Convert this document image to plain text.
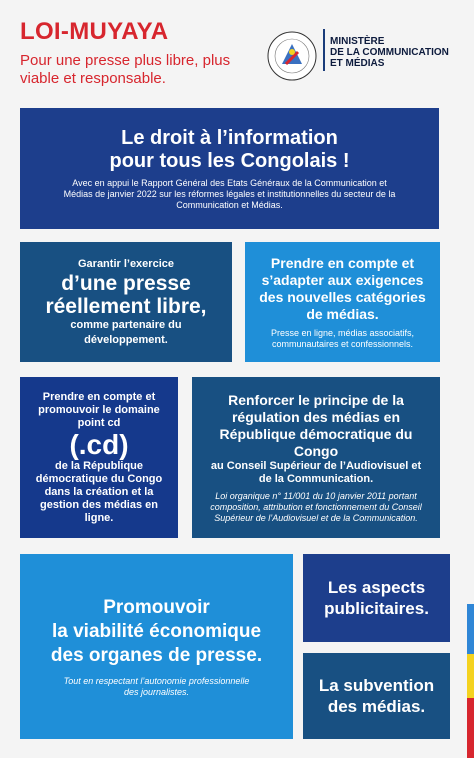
LOI-MUYAYA
Pour une presse plus libre, plus viable et responsable.
MINISTÈRE
DE LA COMMUNICATION
ET MÉDIAS
Le droit à l’information
pour tous les Congolais !
Avec en appui le Rapport Général des Etats Généraux de la Communication et Médias de janvier 2022 sur les réformes légales et institutionnelles du secteur de la Communication et Médias.
Garantir l’exercice
d’une presse
réellement libre,
comme partenaire du développement.
Prendre en compte et s’adapter aux exigences des nouvelles catégories de médias.
Presse en ligne, médias associatifs, communautaires et confessionnels.
Prendre en compte et promouvoir le domaine point cd
(.cd)
de la République démocratique du Congo dans la création et la gestion des médias en ligne.
Renforcer le principe de la régulation des médias en République démocratique du Congo
au Conseil Supérieur de l’Audiovisuel et de la Communication.
Loi organique n° 11/001 du 10 janvier 2011 portant composition, attribution et fonctionnement du Conseil Supérieur de l’Audiovisuel et de la Communication.
Promouvoir
la viabilité économique
des organes de presse.
Tout en respectant l’autonomie professionnelle des journalistes.
Les aspects publicitaires.
La subvention des médias.
